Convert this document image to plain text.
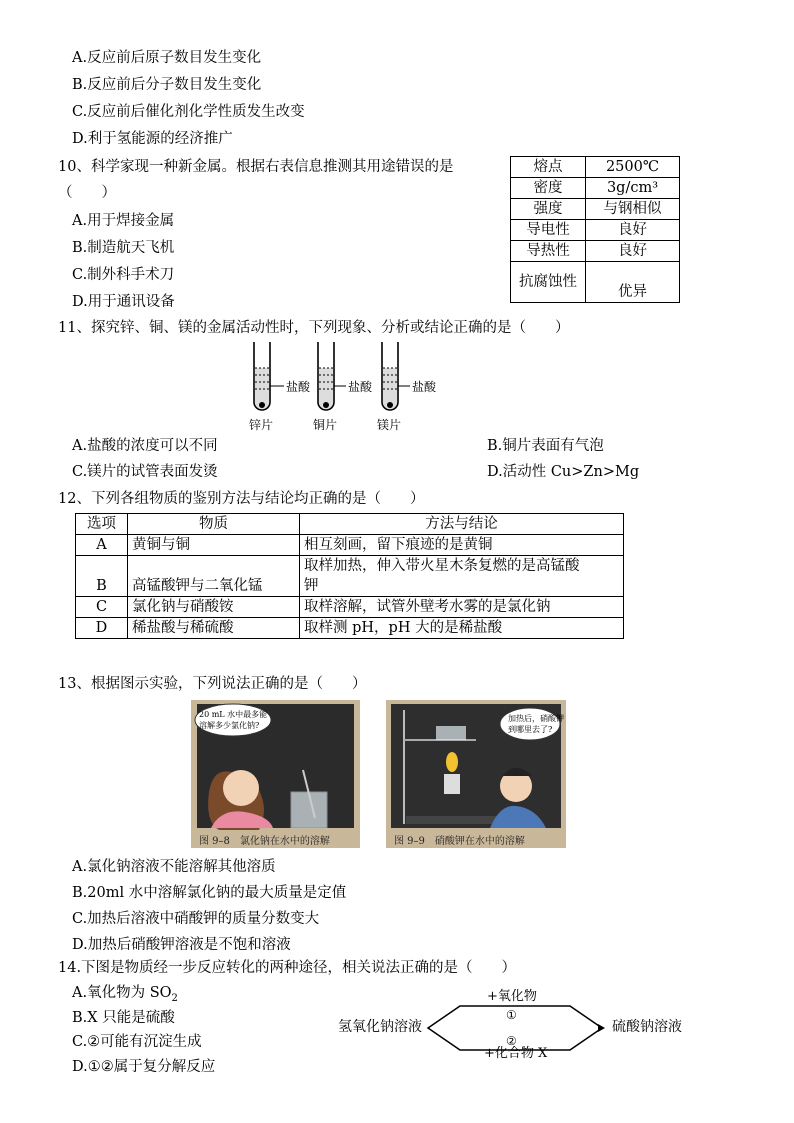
A.反应前后原子数目发生变化
B.反应前后分子数目发生变化
C.反应前后催化剂化学性质发生改变
D.利于氢能源的经济推广
10、科学家现一种新金属。根据右表信息推测其用途错误的是
（　　）
A.用于焊接金属
B.制造航天飞机
C.制外科手术刀
D.用于通讯设备
熔点	2500℃
密度	3g/cm³
强度	与钢相似
导电性	良好
导热性	良好
抗腐蚀性	优异
11、探究锌、铜、镁的金属活动性时，下列现象、分析或结论正确的是（　　）
盐酸	盐酸	盐酸
锌片	铜片	镁片
A.盐酸的浓度可以不同	B.铜片表面有气泡
C.镁片的试管表面发烫	D.活动性 Cu>Zn>Mg
12、下列各组物质的鉴别方法与结论均正确的是（　　）
选项	物质	方法与结论
A	黄铜与铜	相互刻画，留下痕迹的是黄铜
B	高锰酸钾与二氧化锰	取样加热，伸入带火星木条复燃的是高锰酸
钾

C	氯化钠与硝酸铵	取样溶解，试管外壁考水雾的是氯化钠
D	稀盐酸与稀硫酸	取样测 pH，pH 大的是稀盐酸
13、根据图示实验，下列说法正确的是（　　）
20 mL 水中最多能
溶解多少氯化钠?
图 9–8　氯化钠在水中的溶解
加热后，硝酸钾
到哪里去了?
图 9–9　硝酸钾在水中的溶解
A.氯化钠溶液不能溶解其他溶质
B.20ml 水中溶解氯化钠的最大质量是定值
C.加热后溶液中硝酸钾的质量分数变大
D.加热后硝酸钾溶液是不饱和溶液
14.下图是物质经一步反应转化的两种途径，相关说法正确的是（　　）
A.氧化物为 $SO_2$
B.X 只能是硫酸
C.②可能有沉淀生成
D.①②属于复分解反应
氢氧化钠溶液	硫酸钠溶液
+氧化物
①
②
+化合物 X
